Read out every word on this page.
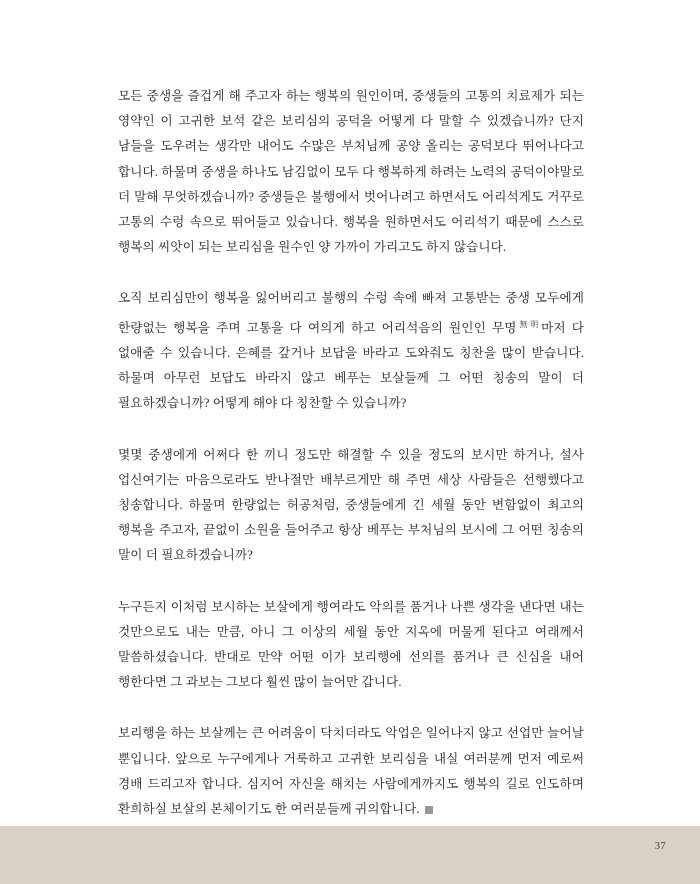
모든 중생을 즐겁게 해 주고자 하는 행복의 원인이며, 중생들의 고통의 치료제가 되는 영약인 이 고귀한 보석 같은 보리심의 공덕을 어떻게 다 말할 수 있겠습니까? 단지 남들을 도우려는 생각만 내어도 수많은 부처님께 공양 올리는 공덕보다 뛰어나다고 합니다. 하물며 중생을 하나도 남김없이 모두 다 행복하게 하려는 노력의 공덕이야말로 더 말해 무엇하겠습니까? 중생들은 불행에서 벗어나려고 하면서도 어리석게도 거꾸로 고통의 수렁 속으로 뛰어들고 있습니다. 행복을 원하면서도 어리석기 때문에 스스로 행복의 씨앗이 되는 보리심을 원수인 양 가까이 가리고도 하지 않습니다.

오직 보리심만이 행복을 잃어버리고 불행의 수렁 속에 빠져 고통받는 중생 모두에게 한량없는 행복을 주며 고통을 다 여의게 하고 어리석음의 원인인 무명$^{無明}$마저 다 없애줄 수 있습니다. 은혜를 갚거나 보답을 바라고 도와줘도 칭찬을 많이 받습니다. 하물며 아무런 보답도 바라지 않고 베푸는 보살들께 그 어떤 칭송의 말이 더 필요하겠습니까? 어떻게 해야 다 칭찬할 수 있습니까?

몇몇 중생에게 어쩌다 한 끼니 정도만 해결할 수 있을 정도의 보시만 하거나, 설사 업신여기는 마음으로라도 반나절만 배부르게만 해 주면 세상 사람들은 선행했다고 칭송합니다. 하물며 한량없는 허공처럼, 중생들에게 긴 세월 동안 변함없이 최고의 행복을 주고자, 끝없이 소원을 들어주고 항상 베푸는 부처님의 보시에 그 어떤 칭송의 말이 더 필요하겠습니까?

누구든지 이처럼 보시하는 보살에게 행여라도 악의를 품거나 나쁜 생각을 낸다면 내는 것만으로도 내는 만큼, 아니 그 이상의 세월 동안 지옥에 머물게 된다고 여래께서 말씀하셨습니다. 반대로 만약 어떤 이가 보리행에 선의를 품거나 큰 신심을 내어 행한다면 그 과보는 그보다 훨씬 많이 늘어만 갑니다.

보리행을 하는 보살께는 큰 어려움이 닥치더라도 악업은 일어나지 않고 선업만 늘어날 뿐입니다. 앞으로 누구에게나 거룩하고 고귀한 보리심을 내실 여러분께 먼저 예로써 경배 드리고자 합니다. 심지어 자신을 해치는 사람에게까지도 행복의 길로 인도하며 환희하실 보살의 본체이기도 한 여러분들께 귀의합니다.

37
